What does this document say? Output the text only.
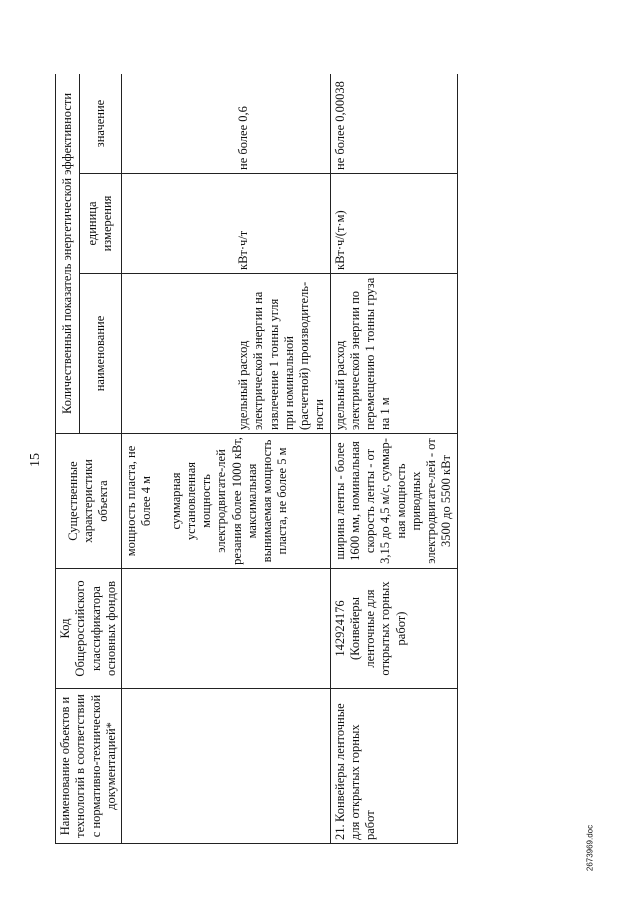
15
Наименование объектов и технологий в соответствии с нормативно-технической документацией*	Код Общероссийского классификатора основных фондов	Существенные характеристики объекта	Количественный показатель энергетической эффективности		
			наименование	единица измерения	значение

		мощность пласта, не более 4 м суммарная установленная мощность электродвигате-лей резания более 1000 кВт, максимальная вынимаемая мощность пласта, не более 5 м	удельный расход электрической энергии на извлечение 1 тонны угля при номинальной (расчетной) производитель-ности	кВт·ч/т	не более 0,6
21.Конвейеры ленточные для открытых горных работ	142924176 (Конвейеры ленточные для открытых горных работ)	ширина ленты - более 1600 мм, номинальная скорость ленты - от 3,15 до 4,5 м/с, суммар-ная мощность приводных электродвигате-лей - от 3500 до 5500 кВт	удельный расход электрической энергии по перемещению 1 тонны груза на 1 м	кВт·ч/(т·м)	не более 0,00038
2673969.doc
